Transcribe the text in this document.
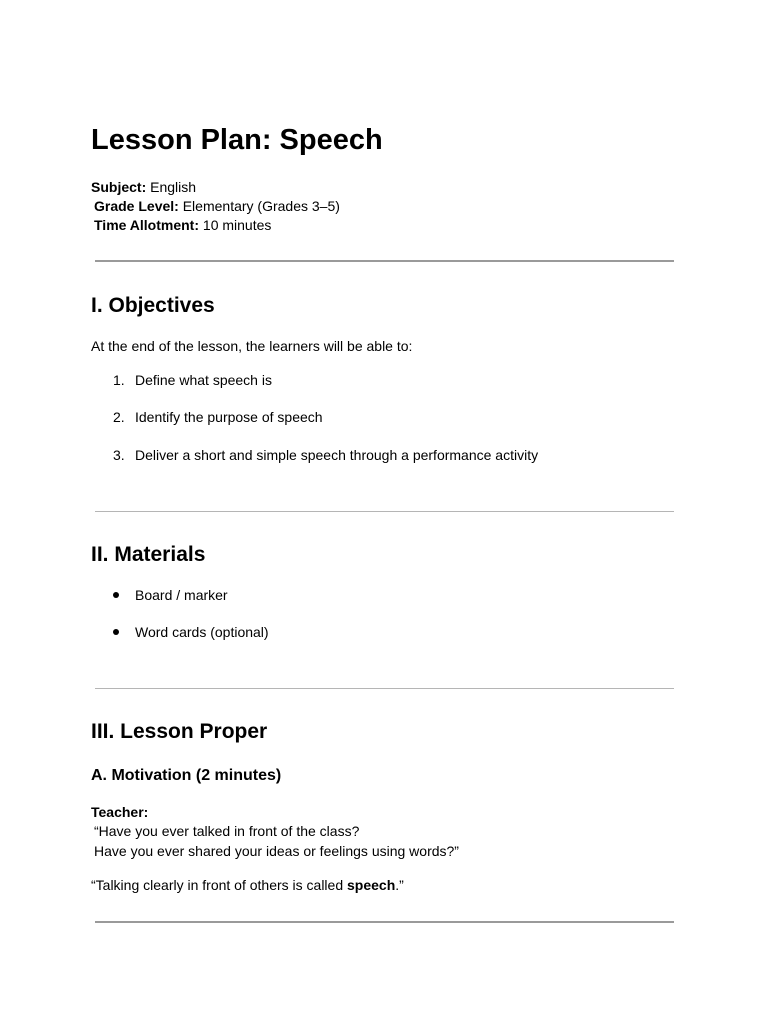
Lesson Plan: Speech
Subject: English
Grade Level: Elementary (Grades 3–5)
Time Allotment: 10 minutes
I. Objectives

At the end of the lesson, the learners will be able to:

1. Define what speech is
2. Identify the purpose of speech
3. Deliver a short and simple speech through a performance activity
II. Materials
Board / marker
Word cards (optional)
III. Lesson Proper
A. Motivation (2 minutes)

Teacher:

“Have you ever talked in front of the class?

Have you ever shared your ideas or feelings using words?”

“Talking clearly in front of others is called speech.”
